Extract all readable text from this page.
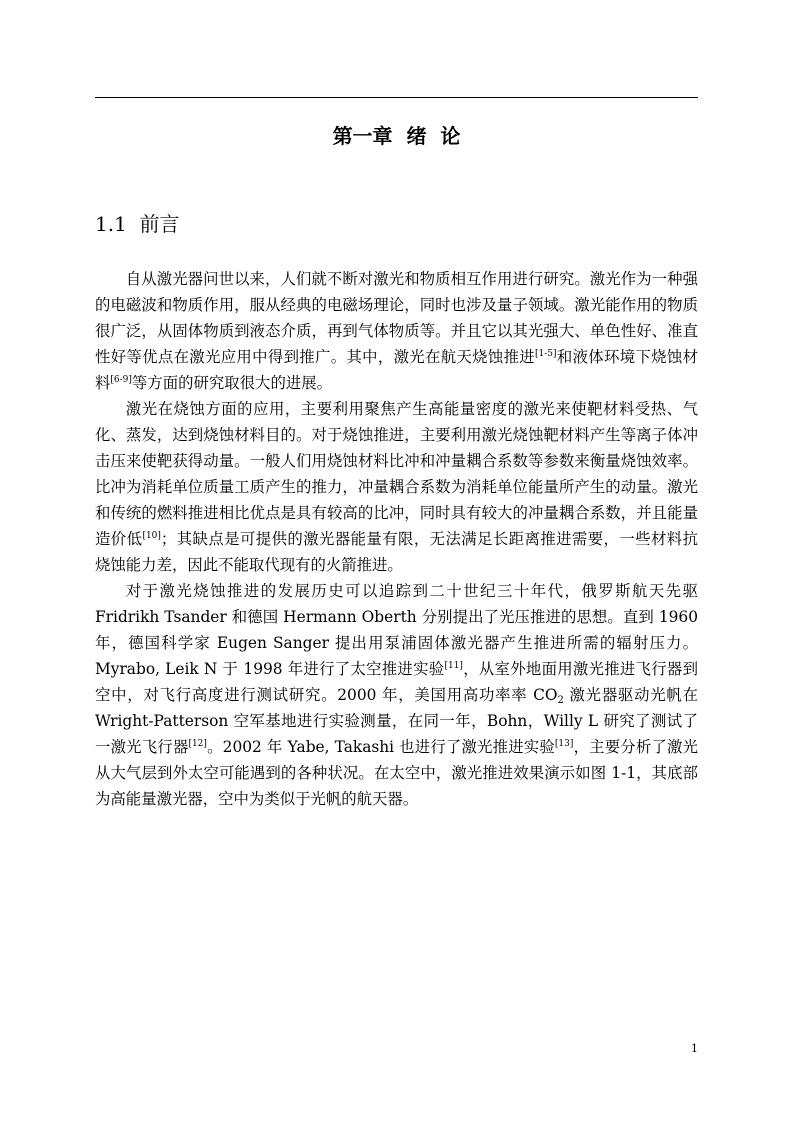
第一章  绪  论
1.1  前言

自从激光器问世以来，人们就不断对激光和物质相互作用进行研究。激光作为一种强的电磁波和物质作用，服从经典的电磁场理论，同时也涉及量子领域。激光能作用的物质很广泛，从固体物质到液态介质，再到气体物质等。并且它以其光强大、单色性好、准直性好等优点在激光应用中得到推广。其中，激光在航天烧蚀推进[1-5]和液体环境下烧蚀材料[6-9]等方面的研究取很大的进展。

激光在烧蚀方面的应用，主要利用聚焦产生高能量密度的激光来使靶材料受热、气化、蒸发，达到烧蚀材料目的。对于烧蚀推进，主要利用激光烧蚀靶材料产生等离子体冲击压来使靶获得动量。一般人们用烧蚀材料比冲和冲量耦合系数等参数来衡量烧蚀效率。比冲为消耗单位质量工质产生的推力，冲量耦合系数为消耗单位能量所产生的动量。激光和传统的燃料推进相比优点是具有较高的比冲，同时具有较大的冲量耦合系数，并且能量造价低[10]；其缺点是可提供的激光器能量有限，无法满足长距离推进需要，一些材料抗烧蚀能力差，因此不能取代现有的火箭推进。

对于激光烧蚀推进的发展历史可以追踪到二十世纪三十年代，俄罗斯航天先驱 Fridrikh Tsander 和德国 Hermann Oberth 分别提出了光压推进的思想。直到 1960 年，德国科学家 Eugen Sanger 提出用泵浦固体激光器产生推进所需的辐射压力。Myrabo, Leik N 于 1998 年进行了太空推进实验[11]，从室外地面用激光推进飞行器到空中，对飞行高度进行测试研究。2000 年，美国用高功率率 $CO_2$ 激光器驱动光帆在 Wright-Patterson 空军基地进行实验测量，在同一年，Bohn，Willy L 研究了测试了一激光飞行器[12]。2002 年 Yabe, Takashi 也进行了激光推进实验[13]，主要分析了激光从大气层到外太空可能遇到的各种状况。在太空中，激光推进效果演示如图 1-1，其底部为高能量激光器，空中为类似于光帆的航天器。

1
